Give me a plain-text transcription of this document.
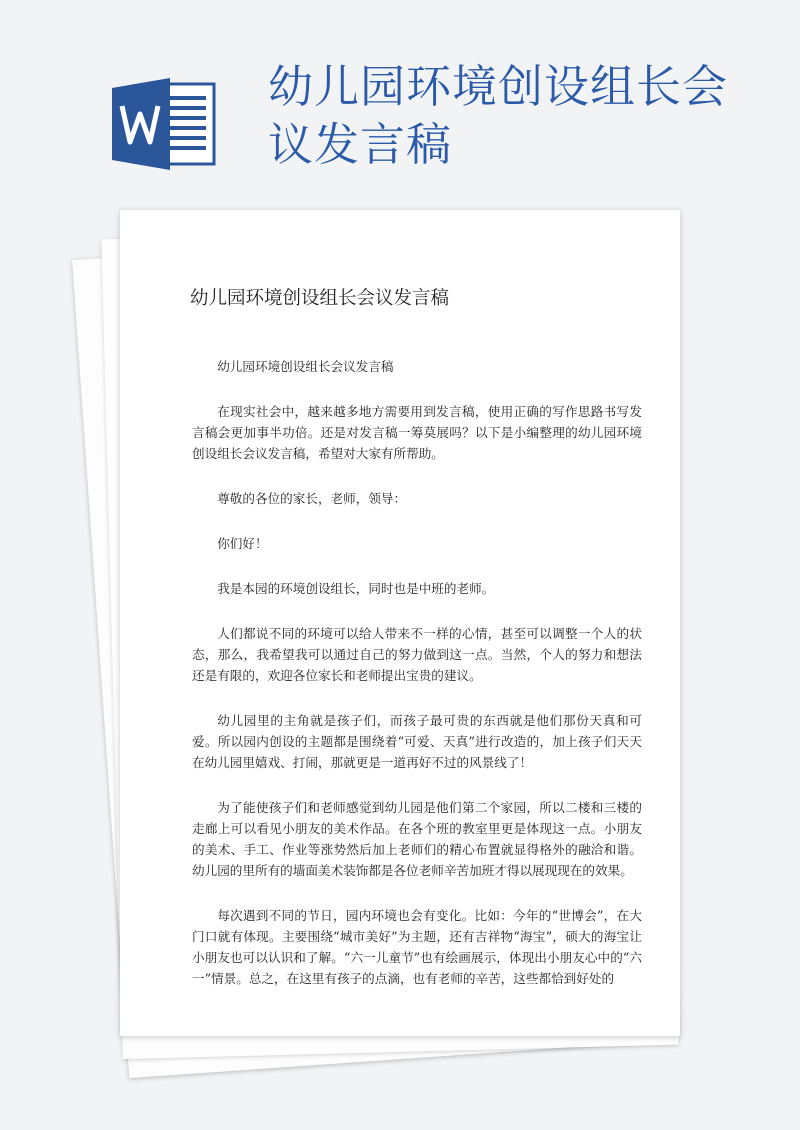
幼儿园环境创设组长会议发言稿
幼儿园环境创设组长会议发言稿

幼儿园环境创设组长会议发言稿

在现实社会中，越来越多地方需要用到发言稿，使用正确的写作思路书写发言稿会更加事半功倍。还是对发言稿一筹莫展吗？以下是小编整理的幼儿园环境创设组长会议发言稿，希望对大家有所帮助。

尊敬的各位的家长，老师，领导：

你们好！

我是本园的环境创设组长，同时也是中班的老师。

人们都说不同的环境可以给人带来不一样的心情，甚至可以调整一个人的状态，那么，我希望我可以通过自己的努力做到这一点。当然，个人的努力和想法还是有限的，欢迎各位家长和老师提出宝贵的建议。

幼儿园里的主角就是孩子们，而孩子最可贵的东西就是他们那份天真和可爱。所以园内创设的主题都是围绕着“可爱、天真”进行改造的，加上孩子们天天在幼儿园里嬉戏、打闹，那就更是一道再好不过的风景线了！

为了能使孩子们和老师感觉到幼儿园是他们第二个家园，所以二楼和三楼的走廊上可以看见小朋友的美术作品。在各个班的教室里更是体现这一点。小朋友的美术、手工、作业等涨势然后加上老师们的精心布置就显得格外的融洽和谐。幼儿园的里所有的墙面美术装饰都是各位老师辛苦加班才得以展现现在的效果。

每次遇到不同的节日，园内环境也会有变化。比如：今年的“世博会”，在大门口就有体现。主要围绕“城市美好”为主题，还有吉祥物“海宝”，硕大的海宝让小朋友也可以认识和了解。“六一儿童节”也有绘画展示，体现出小朋友心中的“六一”情景。总之，在这里有孩子的点滴，也有老师的辛苦，这些都恰到好处的
